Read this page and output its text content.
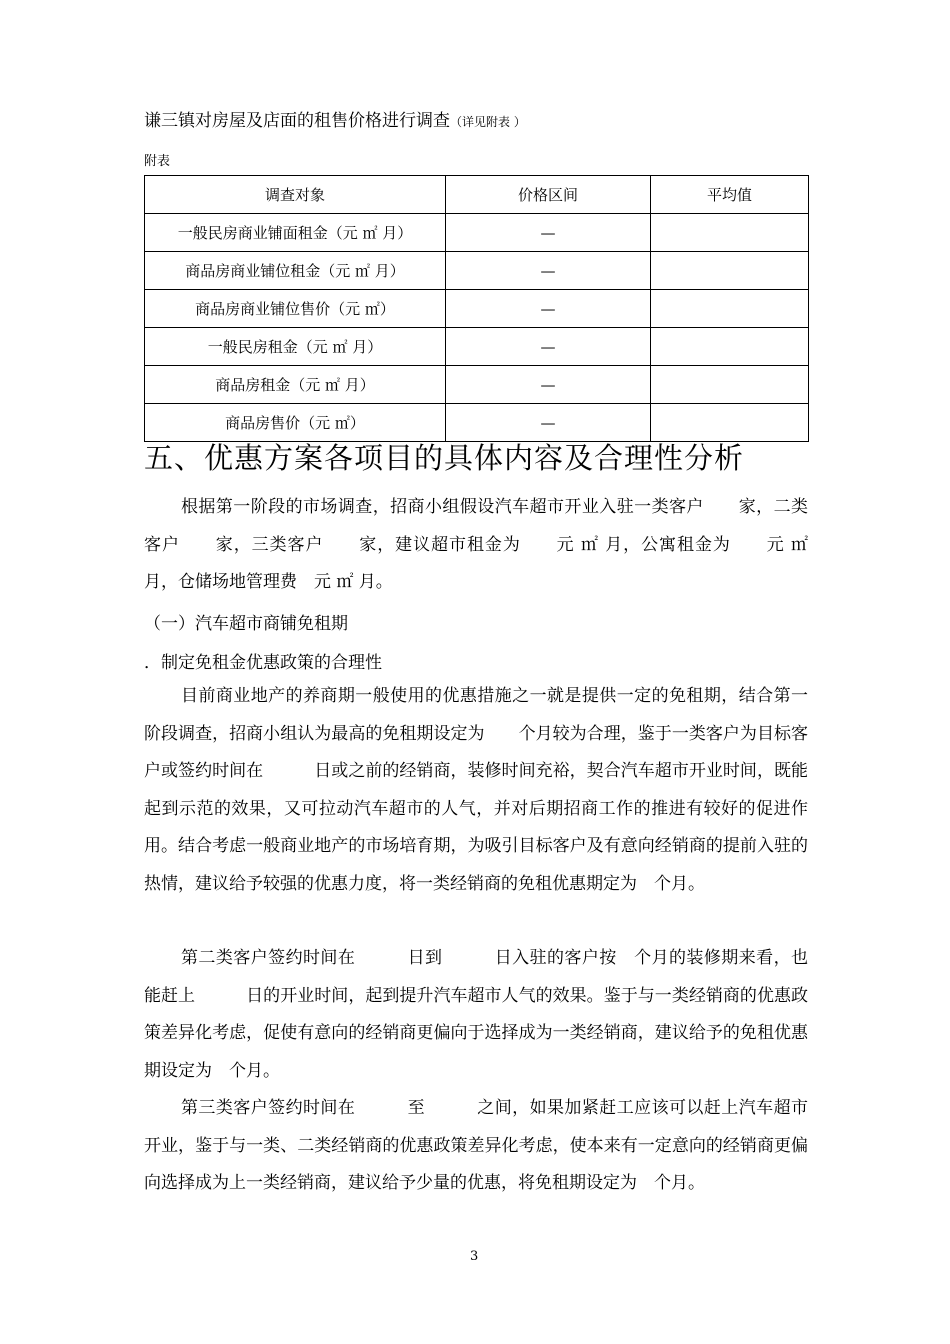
谦三镇对房屋及店面的租售价格进行调查（详见附表 ）
附表
调查对象	价格区间	平均值
一般民房商业铺面租金（元 ㎡ 月）	—	
商品房商业铺位租金（元 ㎡ 月）	—	
商品房商业铺位售价（元 ㎡）	—	
一般民房租金（元 ㎡ 月）	—	
商品房租金（元 ㎡ 月）	—	
商品房售价（元 ㎡）	—	
五、优惠方案各项目的具体内容及合理性分析
根据第一阶段的市场调查，招商小组假设汽车超市开业入驻一类客户　　家，二类客户　　家，三类客户　　家，建议超市租金为　　元 ㎡ 月，公寓租金为　　元 ㎡ 月，仓储场地管理费　元 ㎡ 月。
（一）汽车超市商铺免租期
．制定免租金优惠政策的合理性
目前商业地产的养商期一般使用的优惠措施之一就是提供一定的免租期，结合第一阶段调查，招商小组认为最高的免租期设定为　　个月较为合理，鉴于一类客户为目标客户或签约时间在　　　日或之前的经销商，装修时间充裕，契合汽车超市开业时间，既能起到示范的效果，又可拉动汽车超市的人气，并对后期招商工作的推进有较好的促进作用。结合考虑一般商业地产的市场培育期，为吸引目标客户及有意向经销商的提前入驻的热情，建议给予较强的优惠力度，将一类经销商的免租优惠期定为　个月。
第二类客户签约时间在　　　日到　　　日入驻的客户按　个月的装修期来看，也能赶上　　　日的开业时间，起到提升汽车超市人气的效果。鉴于与一类经销商的优惠政策差异化考虑，促使有意向的经销商更偏向于选择成为一类经销商，建议给予的免租优惠期设定为　个月。
第三类客户签约时间在　　　至　　　之间，如果加紧赶工应该可以赶上汽车超市开业，鉴于与一类、二类经销商的优惠政策差异化考虑，使本来有一定意向的经销商更偏向选择成为上一类经销商，建议给予少量的优惠，将免租期设定为　个月。
3
